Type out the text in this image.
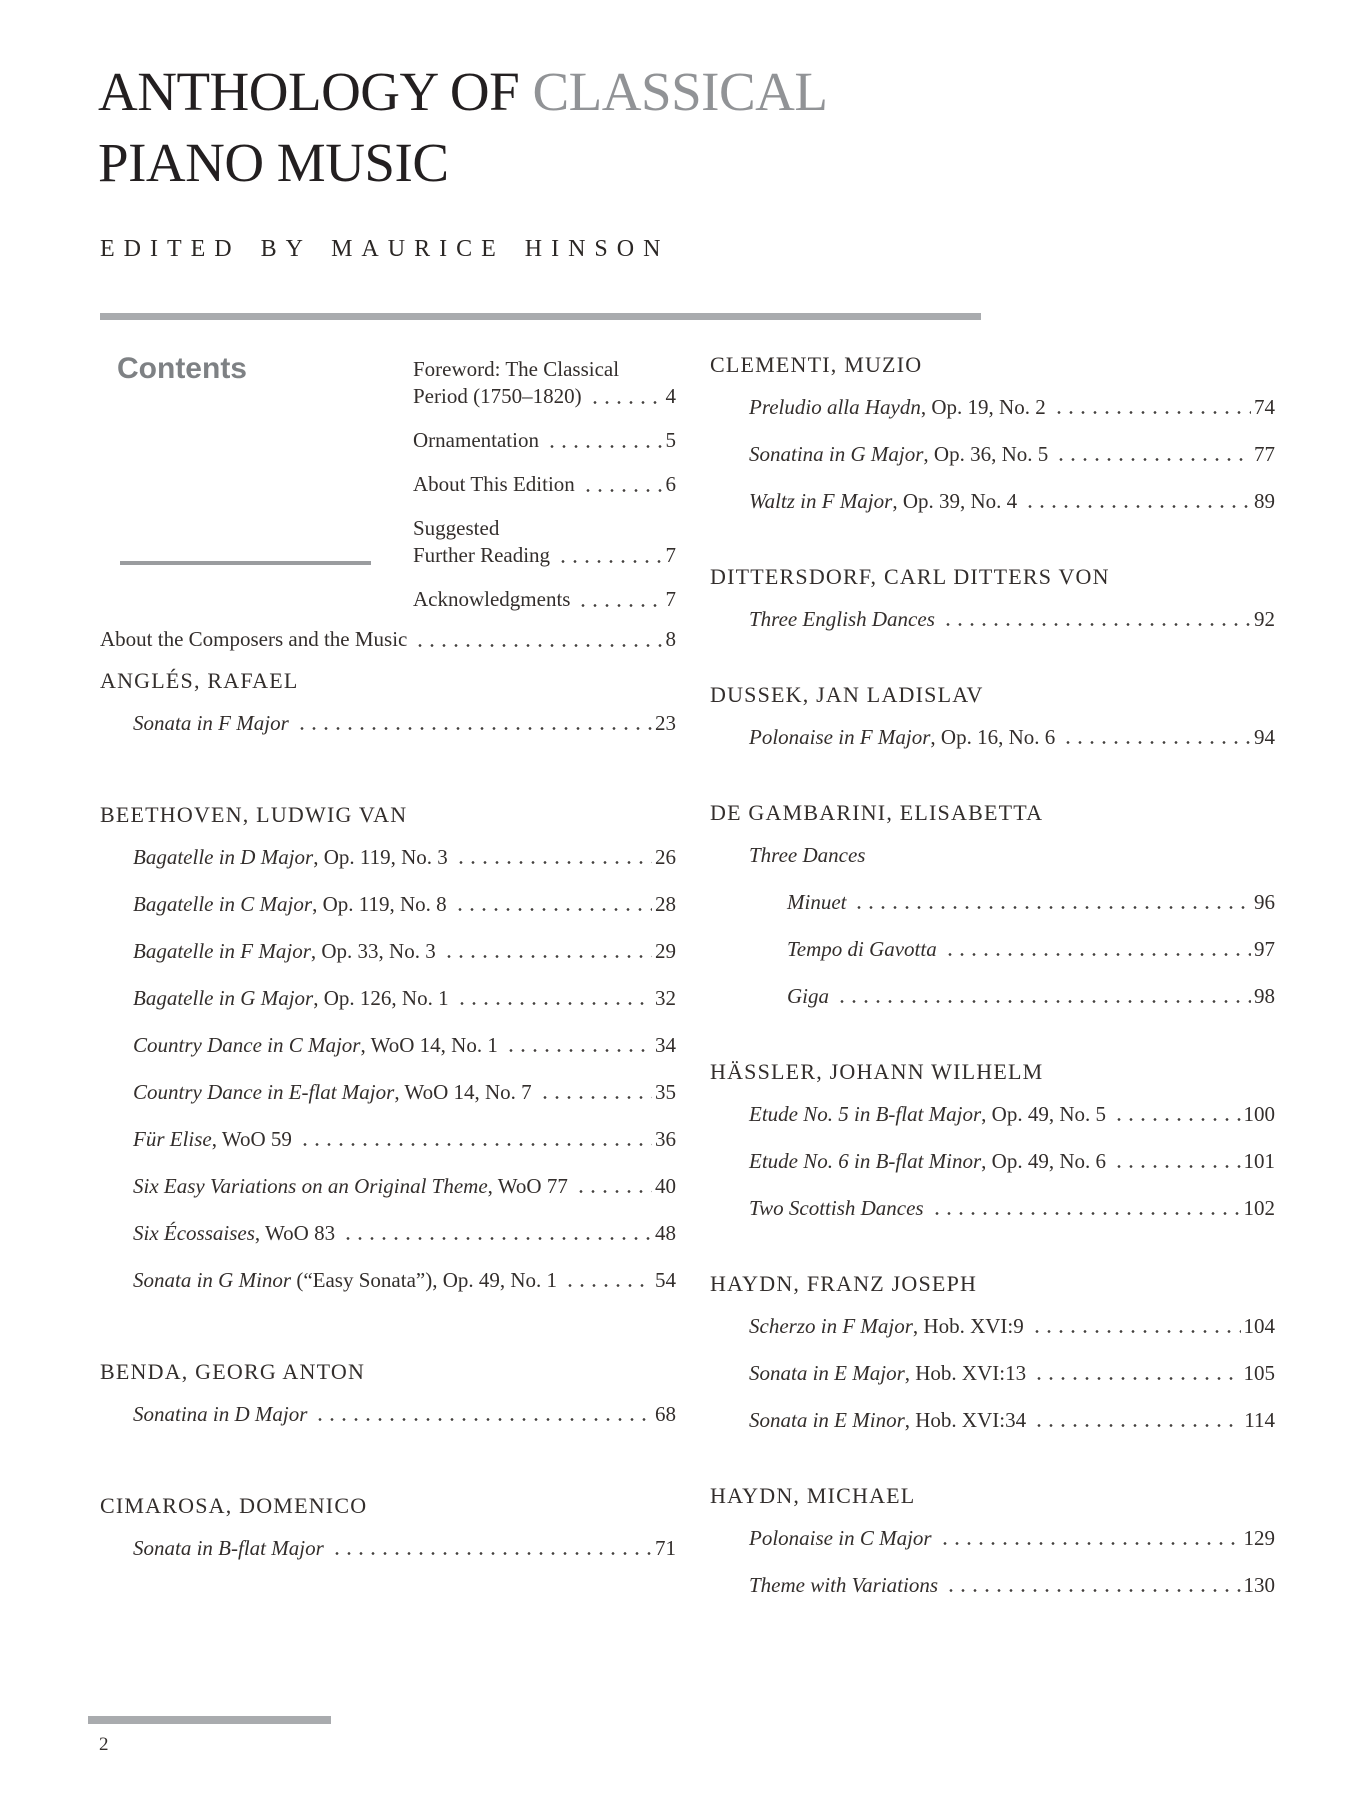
ANTHOLOGY OF CLASSICAL
PIANO MUSIC
EDITED BY MAURICE HINSON
Contents	Foreword: The Classical
Period (1750–1820)	4
Ornamentation	5
About This Edition	6
Suggested
Further Reading	7
Acknowledgments	7
About the Composers and the Music	8
ANGLÉS, RAFAEL
Sonata in F Major	23
BEETHOVEN, LUDWIG VAN
Bagatelle in D Major , Op. 119, No. 3	26
Bagatelle in C Major , Op. 119, No. 8	28
Bagatelle in F Major , Op. 33, No. 3	29
Bagatelle in G Major , Op. 126, No. 1	32
Country Dance in C Major , WoO 14, No. 1	34
Country Dance in E-flat Major , WoO 14, No. 7	35
Für Elise , WoO 59	36
Six Easy Variations on an Original Theme , WoO 77	40
Six Écossaises , WoO 83	48
Sonata in G Minor (“Easy Sonata”), Op. 49, No. 1	54
BENDA, GEORG ANTON
Sonatina in D Major	68
CIMAROSA, DOMENICO
Sonata in B-flat Major	71
CLEMENTI, MUZIO
Preludio alla Haydn , Op. 19, No. 2	74
Sonatina in G Major , Op. 36, No. 5	77
Waltz in F Major , Op. 39, No. 4	89
DITTERSDORF, CARL DITTERS VON
Three English Dances	92
DUSSEK, JAN LADISLAV
Polonaise in F Major , Op. 16, No. 6	94
DE GAMBARINI, ELISABETTA
Three Dances
Minuet	96
Tempo di Gavotta	97
Giga	98
HÄSSLER, JOHANN WILHELM
Etude No. 5 in B-flat Major , Op. 49, No. 5	100
Etude No. 6 in B-flat Minor , Op. 49, No. 6	101
Two Scottish Dances	102
HAYDN, FRANZ JOSEPH
Scherzo in F Major , Hob. XVI:9	104
Sonata in E Major , Hob. XVI:13	105
Sonata in E Minor , Hob. XVI:34	114
HAYDN, MICHAEL
Polonaise in C Major	129
Theme with Variations	130
2
